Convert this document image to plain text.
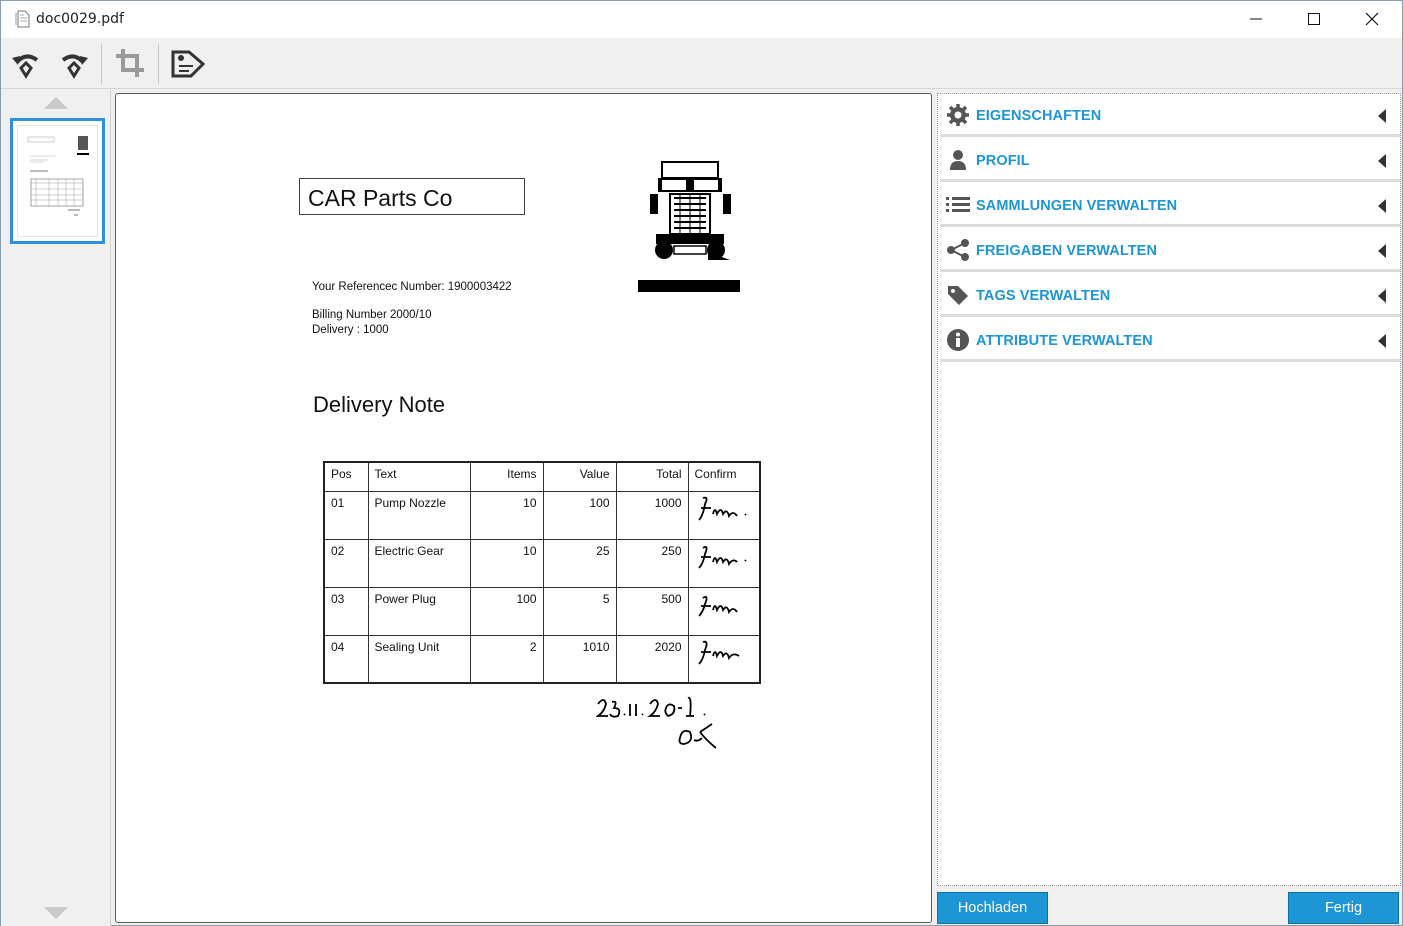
doc0029.pdf
CAR Parts Co
Your Referencec Number: 1900003422
Billing Number 2000/10
Delivery : 1000
Delivery Note
Pos	Text	Items	Value	Total	Confirm
01	Pump Nozzle	10	100	1000	

02	Electric Gear	10	25	250	

03	Power Plug	100	5	500	

04	Sealing Unit	2	1010	2020	
EIGENSCHAFTEN
PROFIL
SAMMLUNGEN VERWALTEN
FREIGABEN VERWALTEN
TAGS VERWALTEN
ATTRIBUTE VERWALTEN
Hochladen	Fertig
